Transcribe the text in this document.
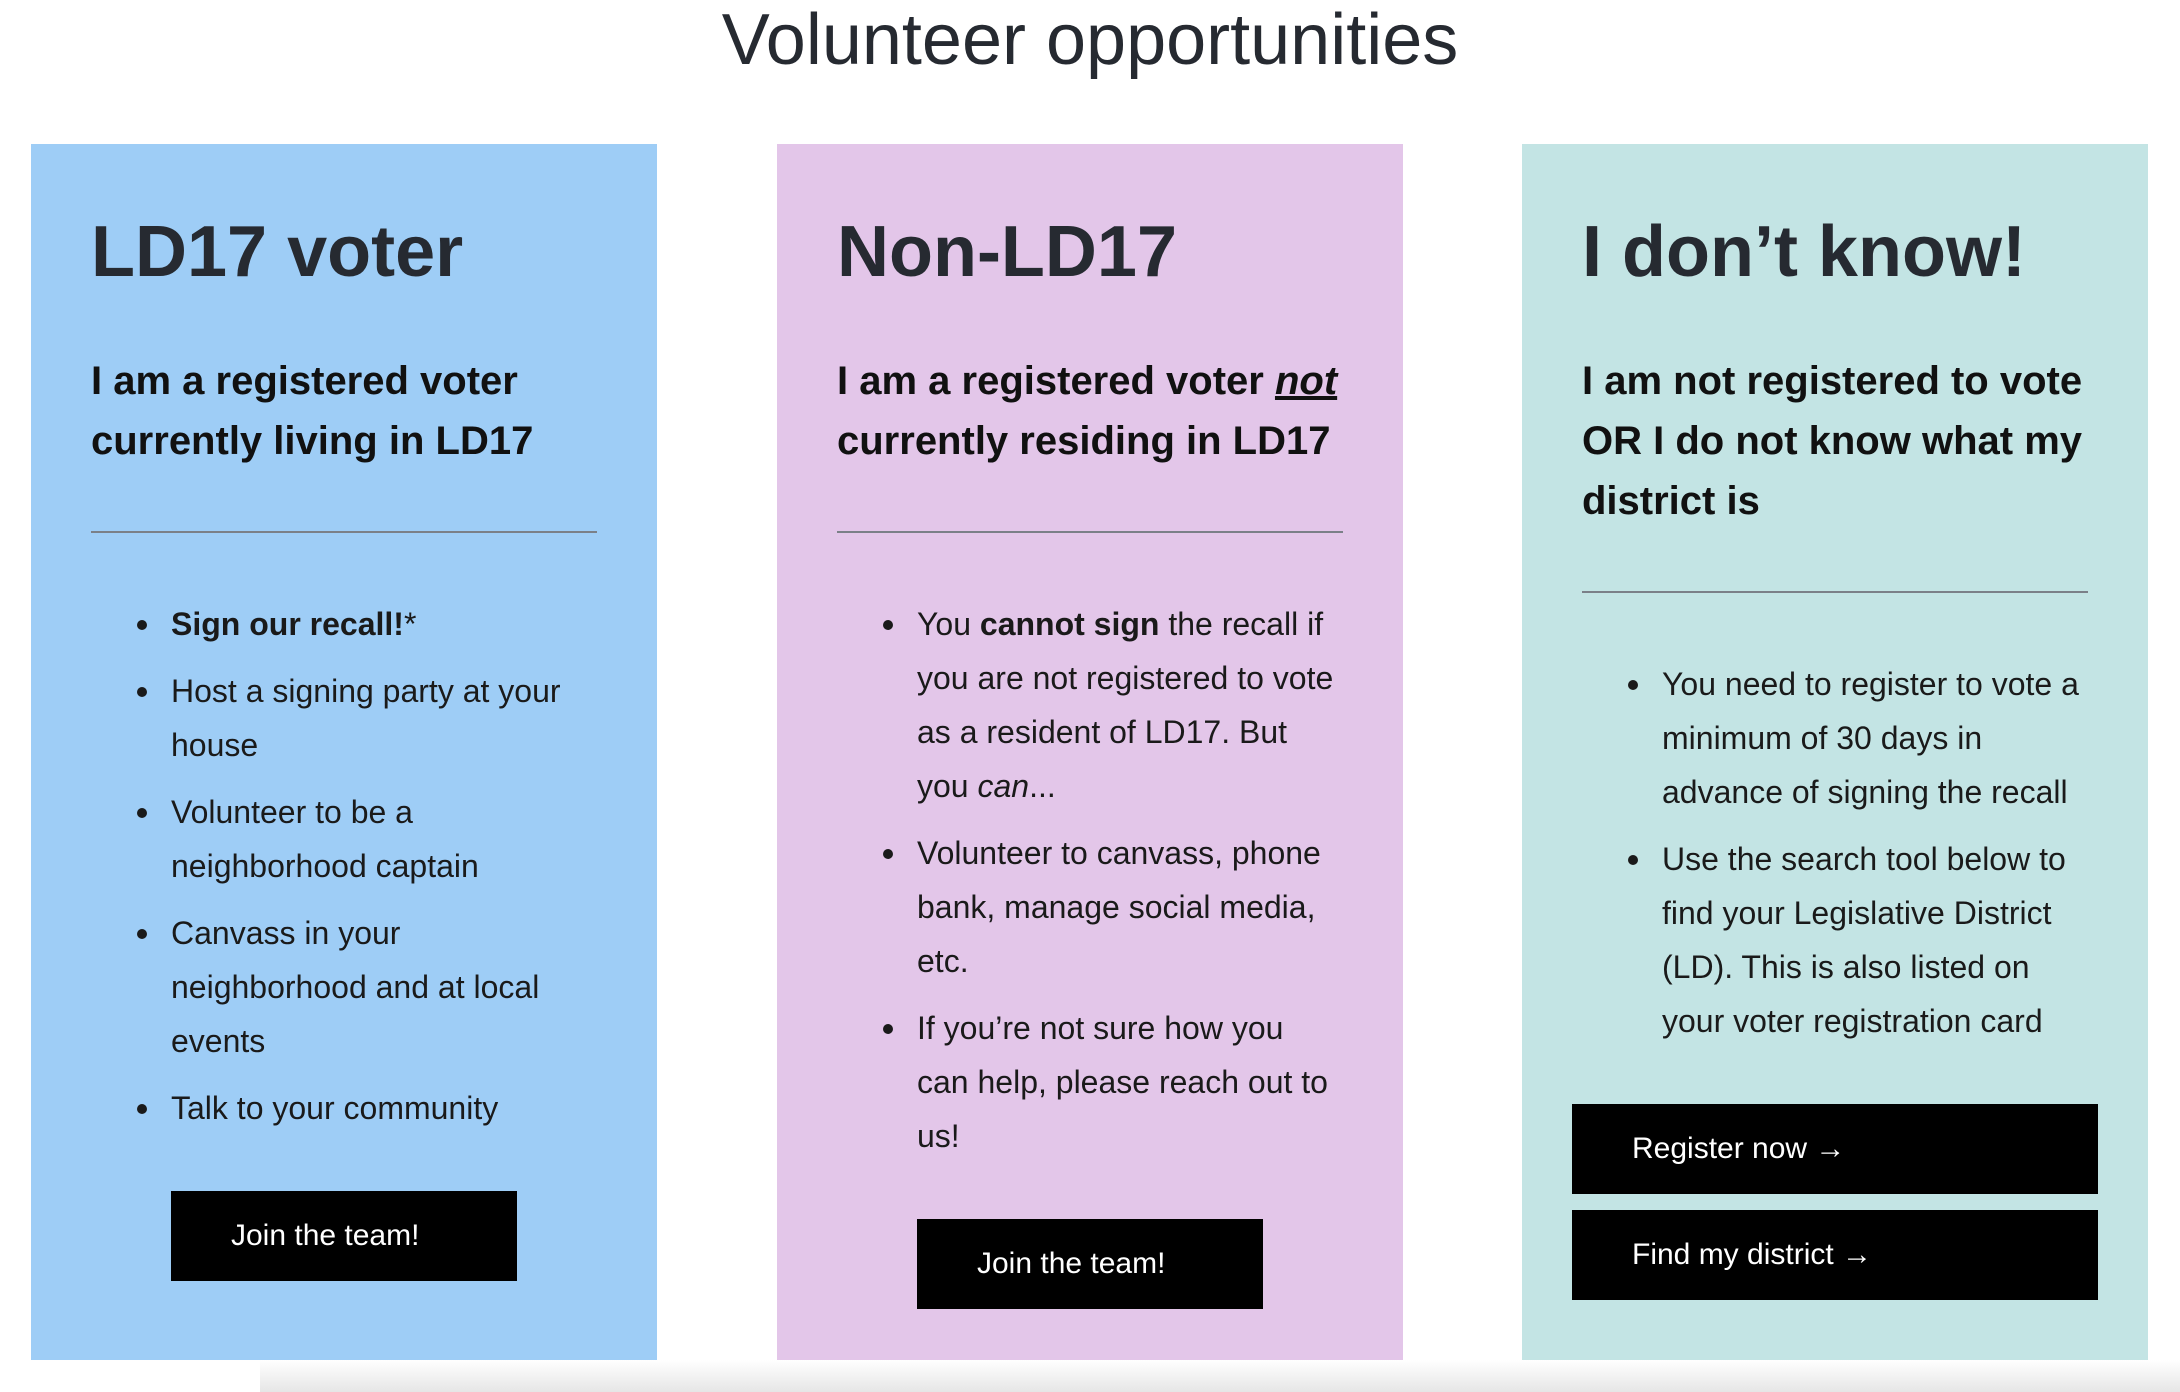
Volunteer opportunities
LD17 voter

I am a registered voter currently living in LD17

Sign our recall!*
Host a signing party at your house
Volunteer to be a neighborhood captain
Canvass in your neighborhood and at local events
Talk to your community
Join the team!
Non-LD17

I am a registered voter not currently residing in LD17

You cannot sign the recall if you are not registered to vote as a resident of LD17. But you can...
Volunteer to canvass, phone bank, manage social media, etc.
If you’re not sure how you can help, please reach out to us!
Join the team!
I don’t know!

I am not registered to vote OR I do not know what my district is

You need to register to vote a minimum of 30 days in advance of signing the recall
Use the search tool below to find your Legislative District (LD). This is also listed on your voter registration card
Register now →
Find my district →
